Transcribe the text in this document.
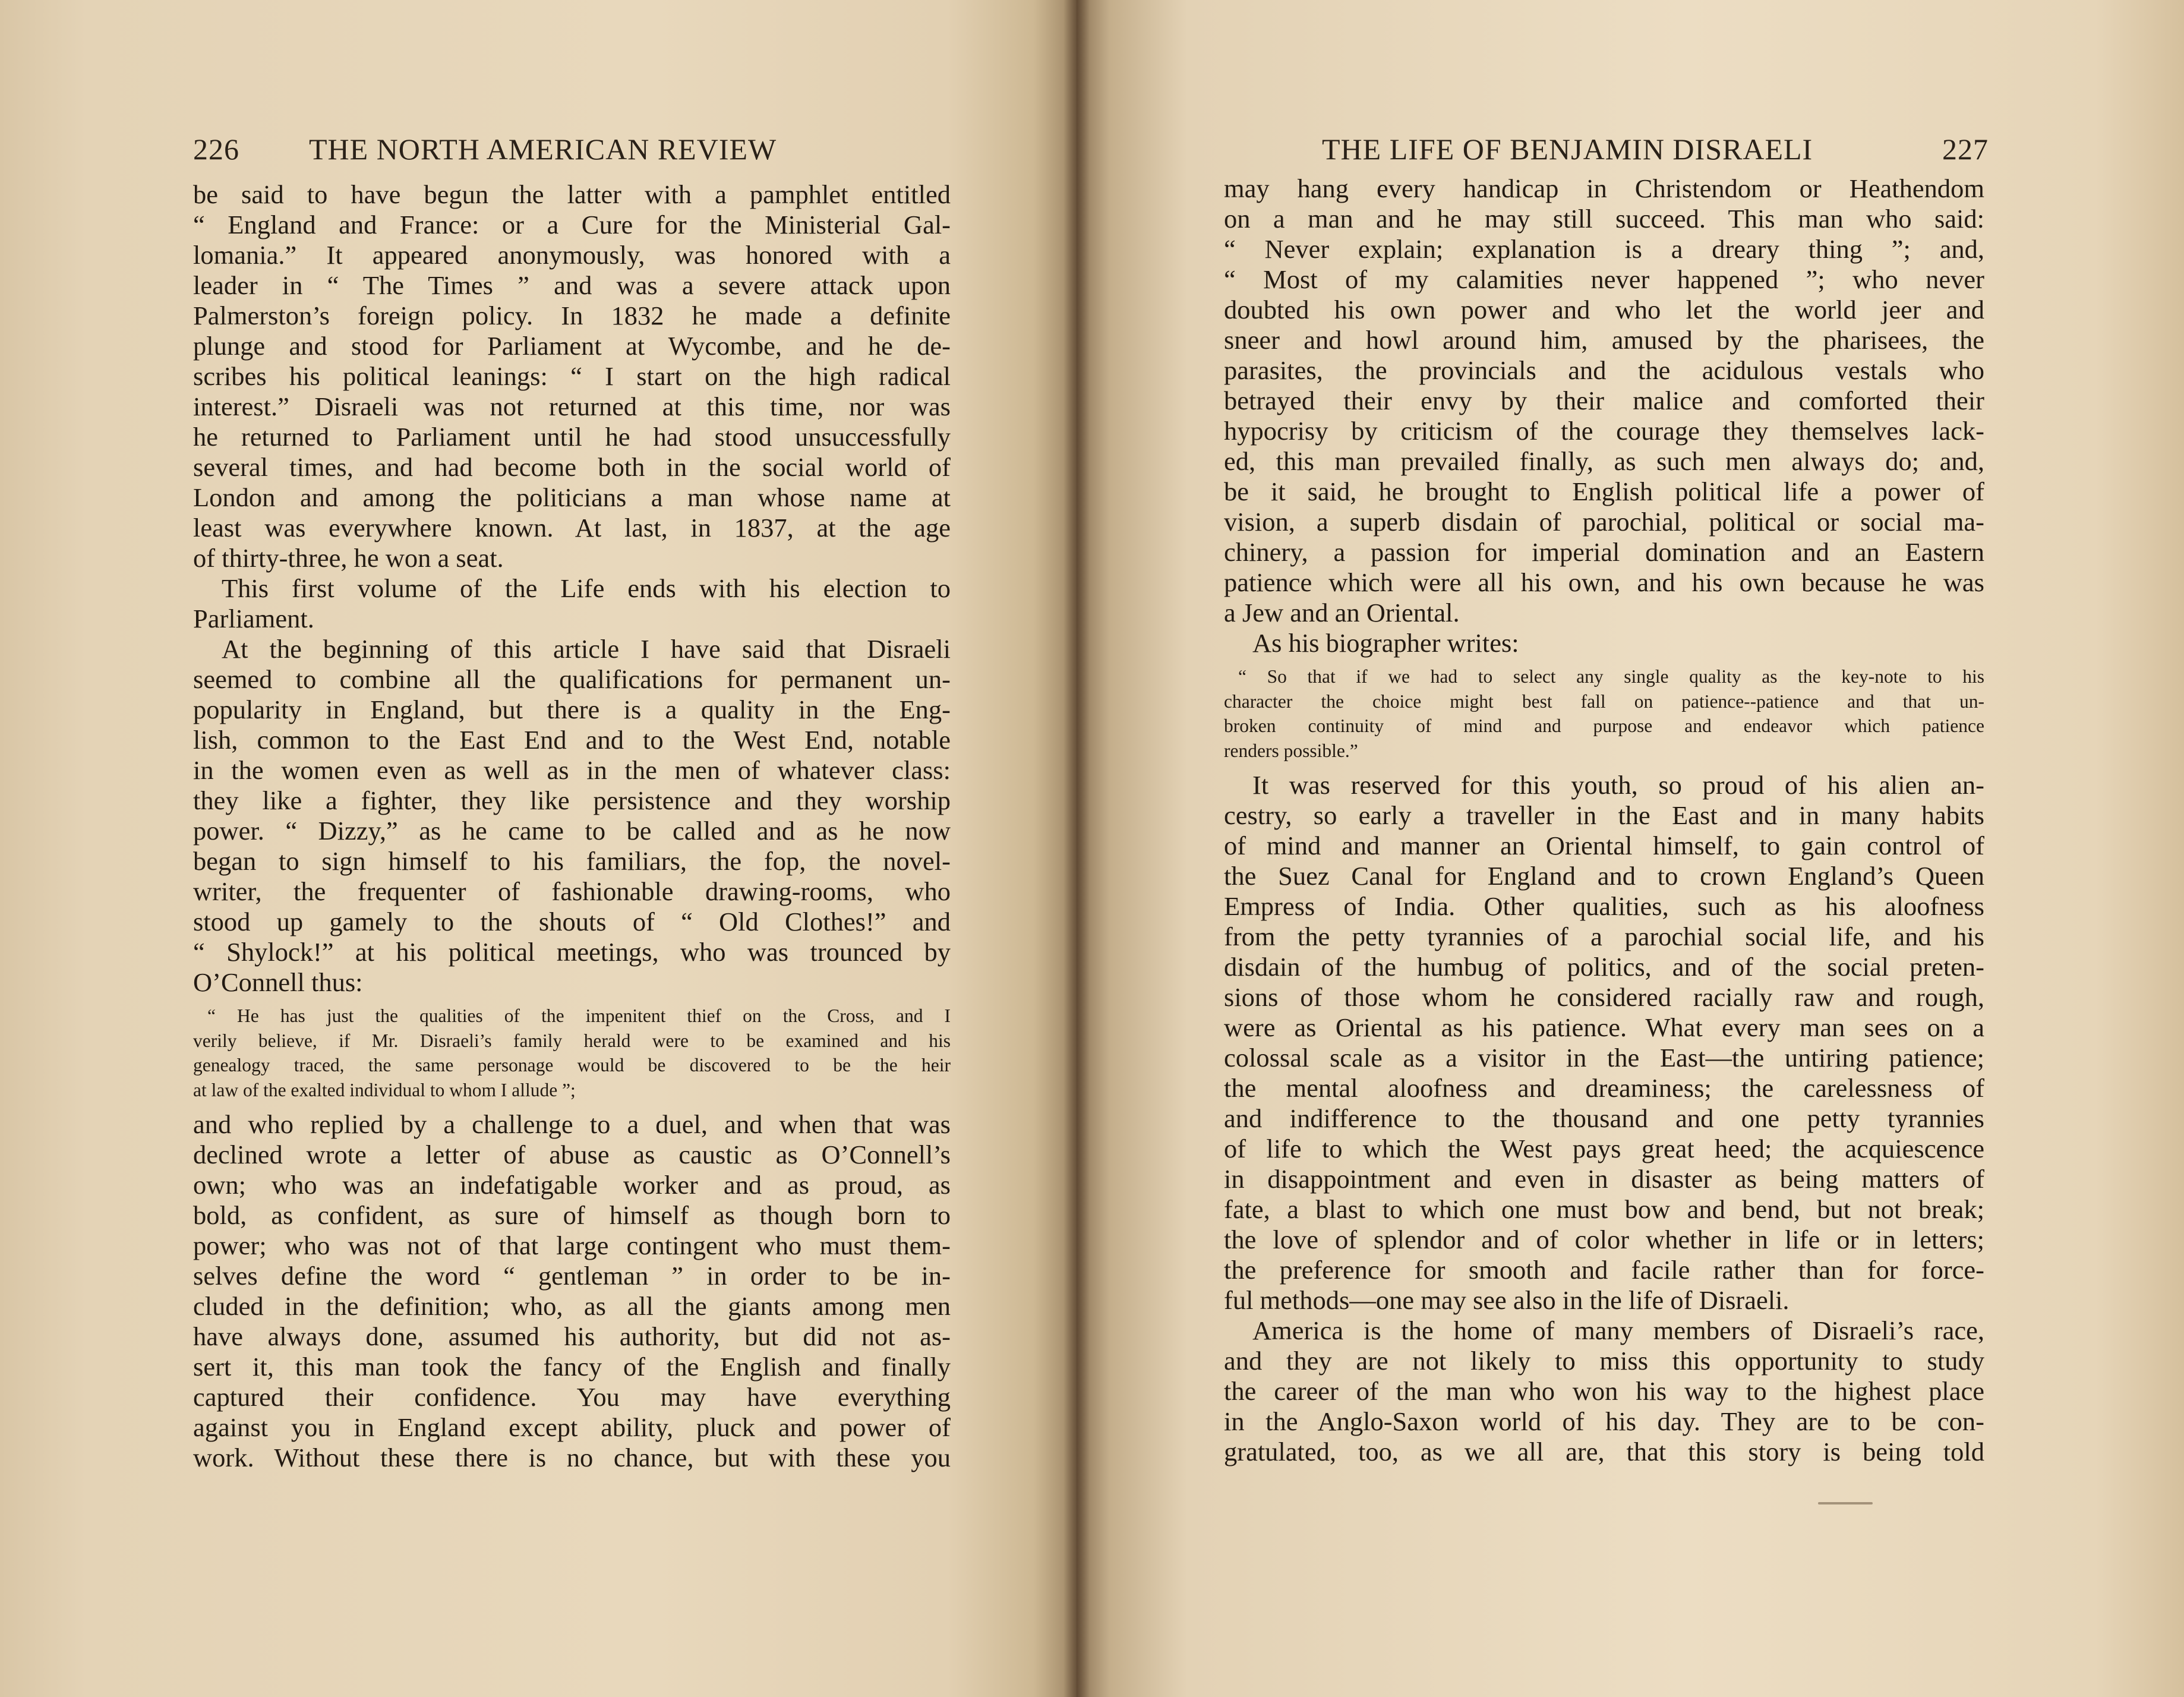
226 THE NORTH AMERICAN REVIEW
be said to have begun the latter with a pamphlet entitled
“ England and France: or a Cure for the Ministerial Gal-
lomania.” It appeared anonymously, was honored with a
leader in “ The Times ” and was a severe attack upon
Palmerston’s foreign policy. In 1832 he made a definite
plunge and stood for Parliament at Wycombe, and he de-
scribes his political leanings: “ I start on the high radical
interest.” Disraeli was not returned at this time, nor was
he returned to Parliament until he had stood unsuccessfully
several times, and had become both in the social world of
London and among the politicians a man whose name at
least was everywhere known. At last, in 1837, at the age
of thirty-three, he won a seat.
This first volume of the Life ends with his election to
Parliament.
At the beginning of this article I have said that Disraeli
seemed to combine all the qualifications for permanent un-
popularity in England, but there is a quality in the Eng-
lish, common to the East End and to the West End, notable
in the women even as well as in the men of whatever class:
they like a fighter, they like persistence and they worship
power. “ Dizzy,” as he came to be called and as he now
began to sign himself to his familiars, the fop, the novel-
writer, the frequenter of fashionable drawing-rooms, who
stood up gamely to the shouts of “ Old Clothes!” and
“ Shylock!” at his political meetings, who was trounced by
O’Connell thus:
“ He has just the qualities of the impenitent thief on the Cross, and I
verily believe, if Mr. Disraeli’s family herald were to be examined and his
genealogy traced, the same personage would be discovered to be the heir
at law of the exalted individual to whom I allude ”;
and who replied by a challenge to a duel, and when that was
declined wrote a letter of abuse as caustic as O’Connell’s
own; who was an indefatigable worker and as proud, as
bold, as confident, as sure of himself as though born to
power; who was not of that large contingent who must them-
selves define the word “ gentleman ” in order to be in-
cluded in the definition; who, as all the giants among men
have always done, assumed his authority, but did not as-
sert it, this man took the fancy of the English and finally
captured their confidence. You may have everything
against you in England except ability, pluck and power of
work. Without these there is no chance, but with these you
THE LIFE OF BENJAMIN DISRAELI	227
may hang every handicap in Christendom or Heathendom
on a man and he may still succeed. This man who said:
“ Never explain; explanation is a dreary thing ”; and,
“ Most of my calamities never happened ”; who never
doubted his own power and who let the world jeer and
sneer and howl around him, amused by the pharisees, the
parasites, the provincials and the acidulous vestals who
betrayed their envy by their malice and comforted their
hypocrisy by criticism of the courage they themselves lack-
ed, this man prevailed finally, as such men always do; and,
be it said, he brought to English political life a power of
vision, a superb disdain of parochial, political or social ma-
chinery, a passion for imperial domination and an Eastern
patience which were all his own, and his own because he was
a Jew and an Oriental.
As his biographer writes:
“ So that if we had to select any single quality as the key-note to his
character the choice might best fall on patience--patience and that un-
broken continuity of mind and purpose and endeavor which patience
renders possible.”
It was reserved for this youth, so proud of his alien an-
cestry, so early a traveller in the East and in many habits
of mind and manner an Oriental himself, to gain control of
the Suez Canal for England and to crown England’s Queen
Empress of India. Other qualities, such as his aloofness
from the petty tyrannies of a parochial social life, and his
disdain of the humbug of politics, and of the social preten-
sions of those whom he considered racially raw and rough,
were as Oriental as his patience. What every man sees on a
colossal scale as a visitor in the East—the untiring patience;
the mental aloofness and dreaminess; the carelessness of
and indifference to the thousand and one petty tyrannies
of life to which the West pays great heed; the acquiescence
in disappointment and even in disaster as being matters of
fate, a blast to which one must bow and bend, but not break;
the love of splendor and of color whether in life or in letters;
the preference for smooth and facile rather than for force-
ful methods—one may see also in the life of Disraeli.
America is the home of many members of Disraeli’s race,
and they are not likely to miss this opportunity to study
the career of the man who won his way to the highest place
in the Anglo-Saxon world of his day. They are to be con-
gratulated, too, as we all are, that this story is being told
